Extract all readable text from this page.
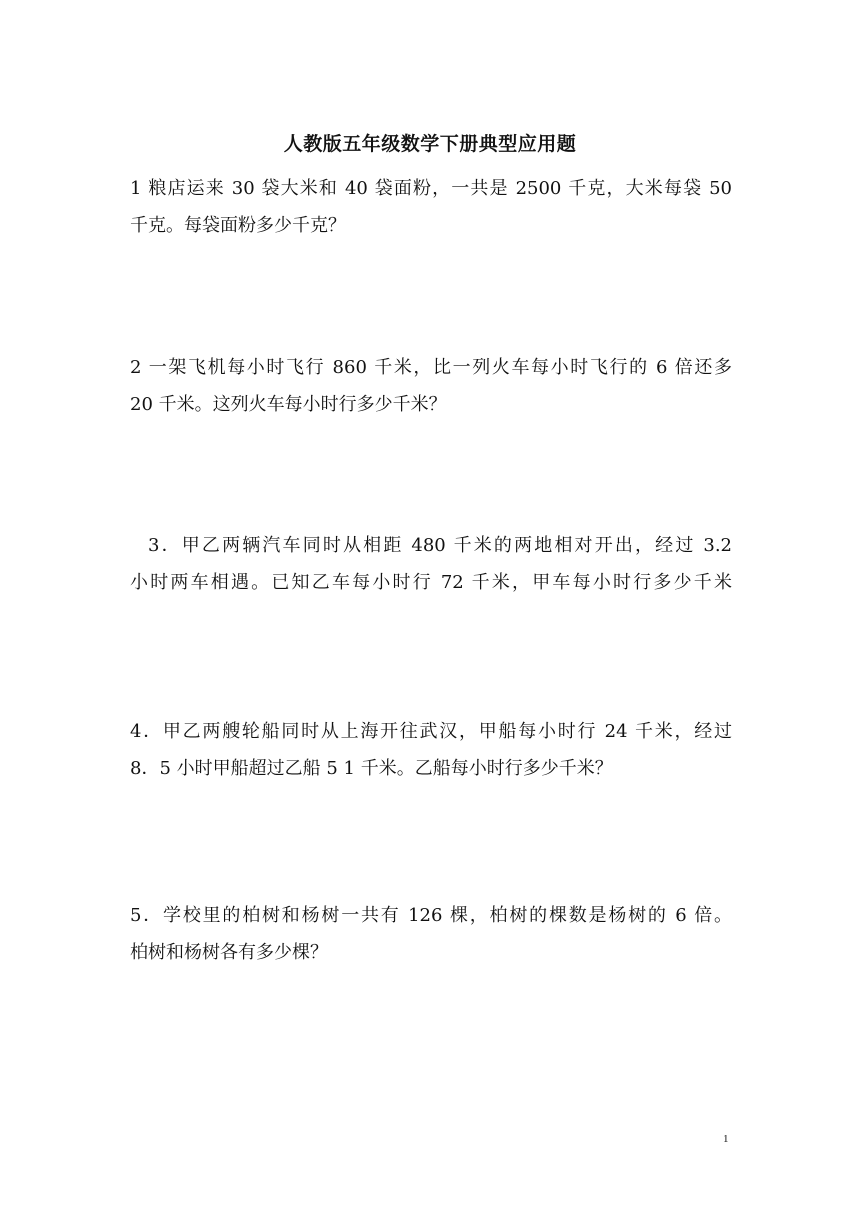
人教版五年级数学下册典型应用题
1 粮店运来 30 袋大米和 40 袋面粉，一共是 2500 千克，大米每袋 50
千克。每袋面粉多少千克？
2 一架飞机每小时飞行 860 千米，比一列火车每小时飞行的 6 倍还多
20 千米。这列火车每小时行多少千米？
3．甲乙两辆汽车同时从相距 480 千米的两地相对开出，经过 3.2
小时两车相遇。已知乙车每小时行 72 千米，甲车每小时行多少千米
4．甲乙两艘轮船同时从上海开往武汉，甲船每小时行 24 千米，经过
8．5 小时甲船超过乙船 5 1 千米。乙船每小时行多少千米？
5．学校里的柏树和杨树一共有 126 棵，柏树的棵数是杨树的 6 倍。
柏树和杨树各有多少棵？
1
